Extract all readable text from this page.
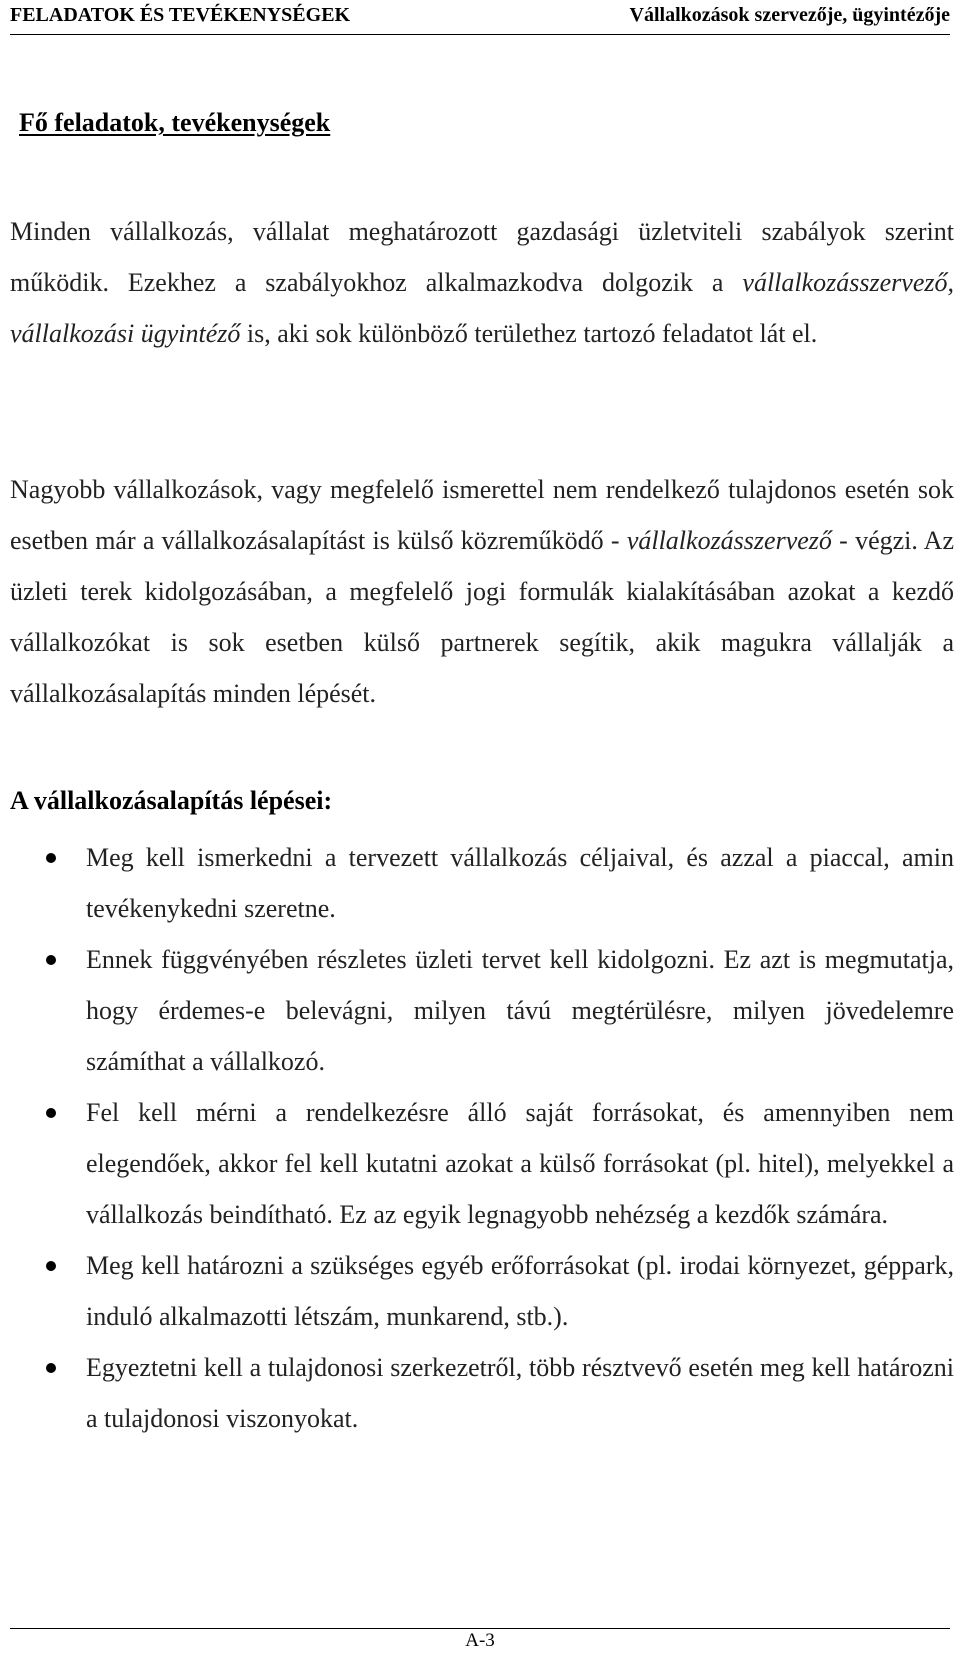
FELADATOK ÉS TEVÉKENYSÉGEK	Vállalkozások szervezője, ügyintézője
Fő feladatok, tevékenységek

Minden vállalkozás, vállalat meghatározott gazdasági üzletviteli szabályok szerint működik. Ezekhez a szabályokhoz alkalmazkodva dolgozik a vállalkozásszervező, vállalkozási ügyintéző is, aki sok különböző területhez tartozó feladatot lát el.

Nagyobb vállalkozások, vagy megfelelő ismerettel nem rendelkező tulajdonos esetén sok esetben már a vállalkozásalapítást is külső közreműködő - vállalkozásszervező - végzi. Az üzleti terek kidolgozásában, a megfelelő jogi formulák kialakításában azokat a kezdő vállalkozókat is sok esetben külső partnerek segítik, akik magukra vállalják a vállalkozásalapítás minden lépését.

A vállalkozásalapítás lépései:
Meg kell ismerkedni a tervezett vállalkozás céljaival, és azzal a piaccal, amin tevékenykedni szeretne.
Ennek függvényében részletes üzleti tervet kell kidolgozni. Ez azt is megmutatja, hogy érdemes-e belevágni, milyen távú megtérülésre, milyen jövedelemre számíthat a vállalkozó.
Fel kell mérni a rendelkezésre álló saját forrásokat, és amennyiben nem elegendőek, akkor fel kell kutatni azokat a külső forrásokat (pl. hitel), melyekkel a vállalkozás beindítható. Ez az egyik legnagyobb nehézség a kezdők számára.
Meg kell határozni a szükséges egyéb erőforrásokat (pl. irodai környezet, géppark, induló alkalmazotti létszám, munkarend, stb.).
Egyeztetni kell a tulajdonosi szerkezetről, több résztvevő esetén meg kell határozni a tulajdonosi viszonyokat.
A-3
